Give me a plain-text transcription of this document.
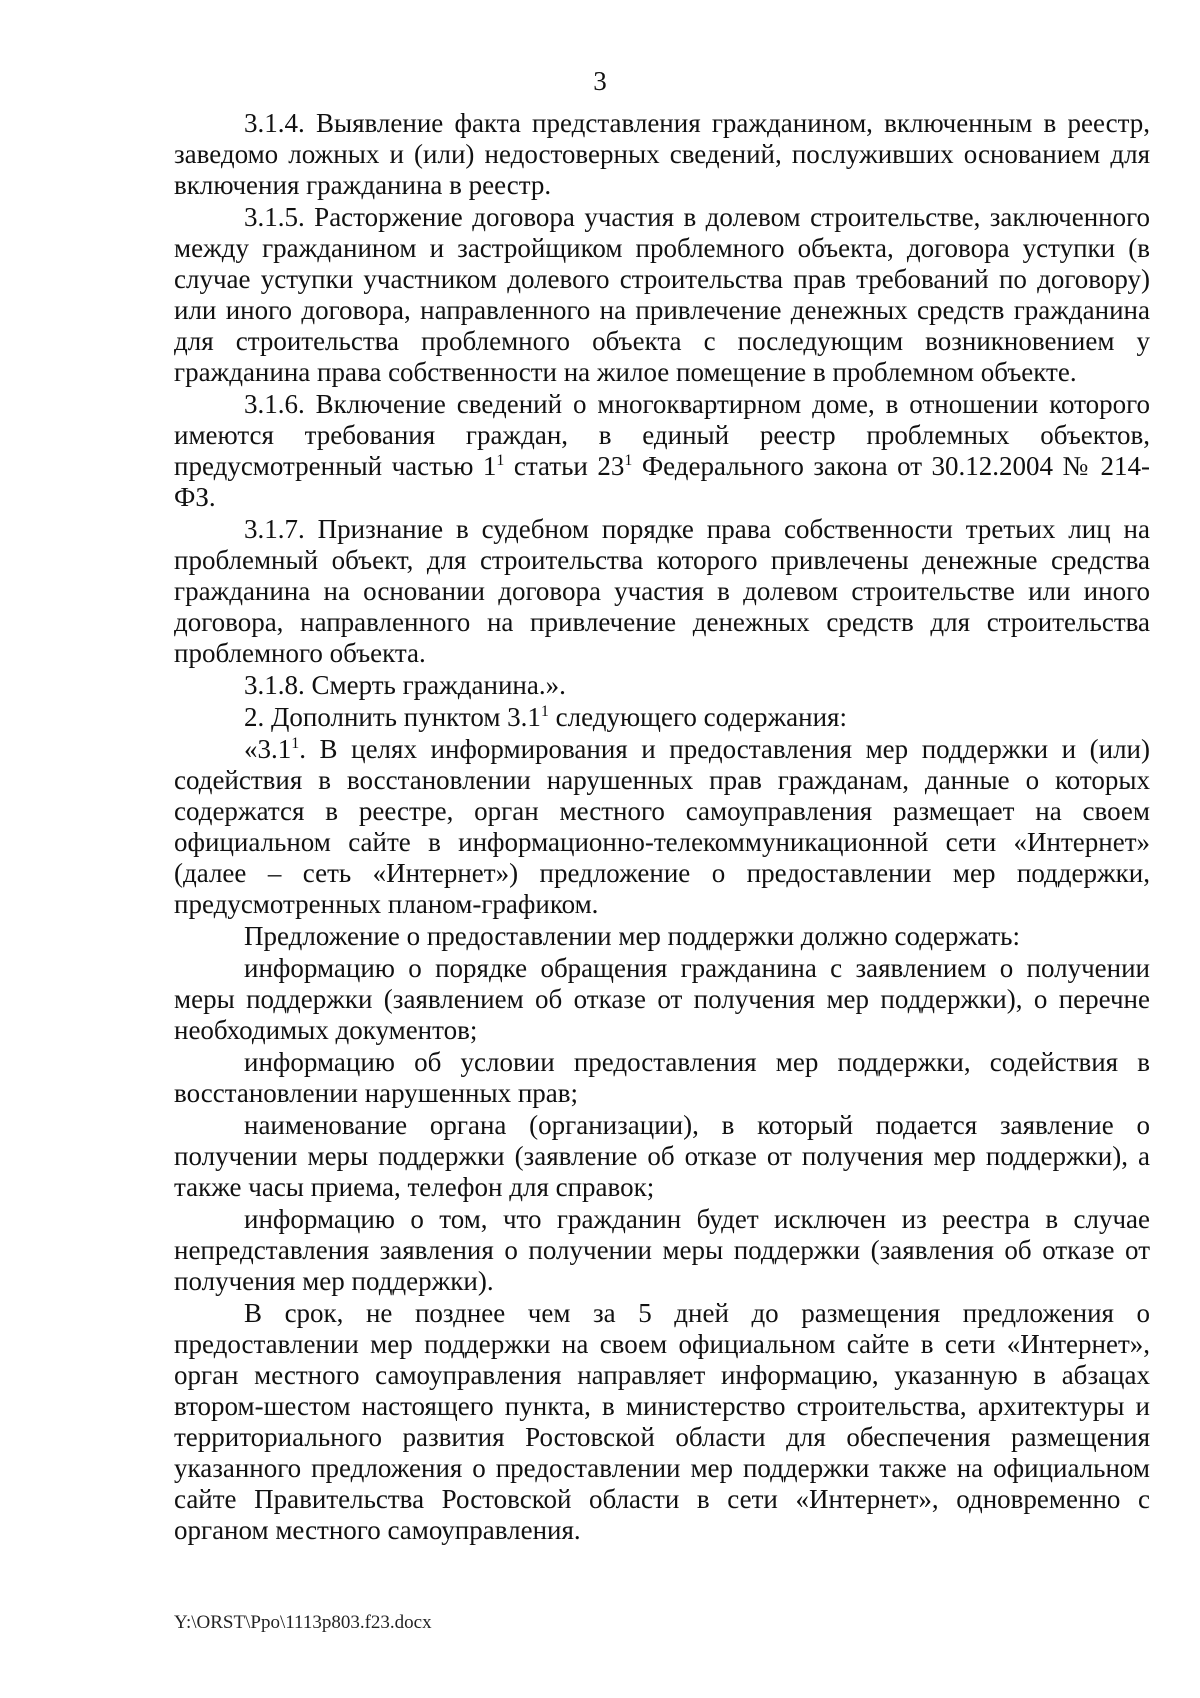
3

3.1.4. Выявление факта представления гражданином, включенным в реестр, заведомо ложных и (или) недостоверных сведений, послуживших основанием для включения гражданина в реестр.

3.1.5. Расторжение договора участия в долевом строительстве, заключенного между гражданином и застройщиком проблемного объекта, договора уступки (в случае уступки участником долевого строительства прав требований по договору) или иного договора, направленного на привлечение денежных средств гражданина для строительства проблемного объекта с последующим возникновением у гражданина права собственности на жилое помещение в проблемном объекте.

3.1.6. Включение сведений о многоквартирном доме, в отношении которого имеются требования граждан, в единый реестр проблемных объектов, предусмотренный частью $1^1$ статьи $23^1$ Федерального закона от 30.12.2004 № 214-ФЗ.

3.1.7. Признание в судебном порядке права собственности третьих лиц на проблемный объект, для строительства которого привлечены денежные средства гражданина на основании договора участия в долевом строительстве или иного договора, направленного на привлечение денежных средств для строительства проблемного объекта.

3.1.8. Смерть гражданина.».

2. Дополнить пунктом $3.1^1$ следующего содержания:

«$3.1^1$. В целях информирования и предоставления мер поддержки и (или) содействия в восстановлении нарушенных прав гражданам, данные о которых содержатся в реестре, орган местного самоуправления размещает на своем официальном сайте в информационно-телекоммуникационной сети «Интернет» (далее – сеть «Интернет») предложение о предоставлении мер поддержки, предусмотренных планом-графиком.

Предложение о предоставлении мер поддержки должно содержать:

информацию о порядке обращения гражданина с заявлением о получении меры поддержки (заявлением об отказе от получения мер поддержки), о перечне необходимых документов;

информацию об условии предоставления мер поддержки, содействия в восстановлении нарушенных прав;

наименование органа (организации), в который подается заявление о получении меры поддержки (заявление об отказе от получения мер поддержки), а также часы приема, телефон для справок;

информацию о том, что гражданин будет исключен из реестра в случае непредставления заявления о получении меры поддержки (заявления об отказе от получения мер поддержки).

В срок, не позднее чем за 5 дней до размещения предложения о предоставлении мер поддержки на своем официальном сайте в сети «Интернет», орган местного самоуправления направляет информацию, указанную в абзацах втором-шестом настоящего пункта, в министерство строительства, архитектуры и территориального развития Ростовской области для обеспечения размещения указанного предложения о предоставлении мер поддержки также на официальном сайте Правительства Ростовской области в сети «Интернет», одновременно с органом местного самоуправления.

Y:\ORST\Ppo\1113p803.f23.docx
